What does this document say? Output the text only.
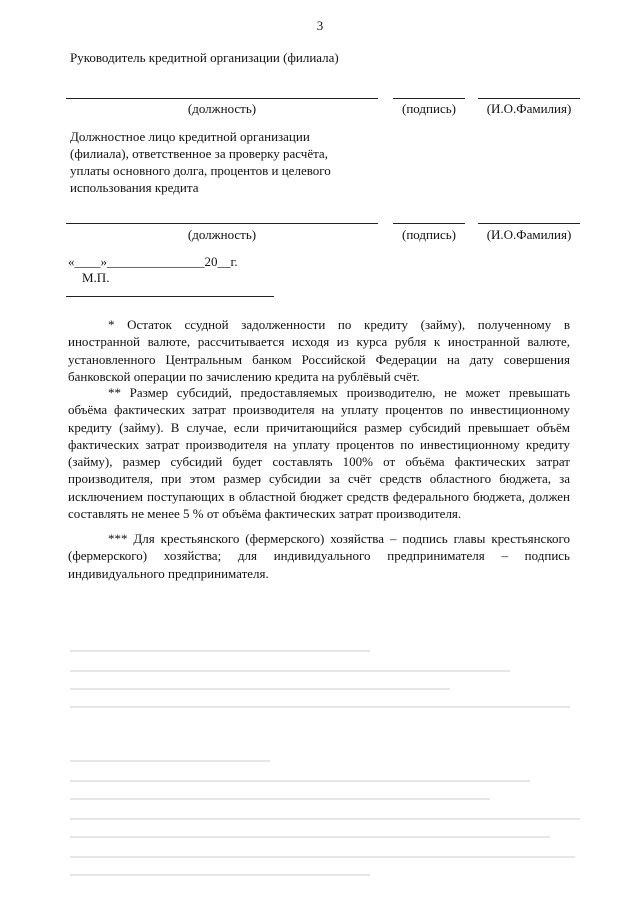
3
Руководитель кредитной организации (филиала)
(должность)	(подпись)	(И.О.Фамилия)
Должностное лицо кредитной организации
(филиала), ответственное за проверку расчёта,
уплаты основного долга, процентов и целевого
использования кредита
(должность)	(подпись)	(И.О.Фамилия)
«____»_______________20__г.
М.П.
* Остаток ссудной задолженности по кредиту (займу), полученному в иностранной валюте, рассчитывается исходя из курса рубля к иностранной валюте, установленного Центральным банком Российской Федерации на дату совершения банковской операции по зачислению кредита на рублёвый счёт.
** Размер субсидий, предоставляемых производителю, не может превышать объёма фактических затрат производителя на уплату процентов по инвестиционному кредиту (займу). В случае, если причитающийся размер субсидий превышает объём фактических затрат производителя на уплату процентов по инвестиционному кредиту (займу), размер субсидий будет составлять 100% от объёма фактических затрат производителя, при этом размер субсидии за счёт средств областного бюджета, за исключением поступающих в областной бюджет средств федерального бюджета, должен составлять не менее 5 % от объёма фактических затрат производителя.
*** Для крестьянского (фермерского) хозяйства – подпись главы крестьянского (фермерского) хозяйства; для индивидуального предпринимателя – подпись индивидуального предпринимателя.
